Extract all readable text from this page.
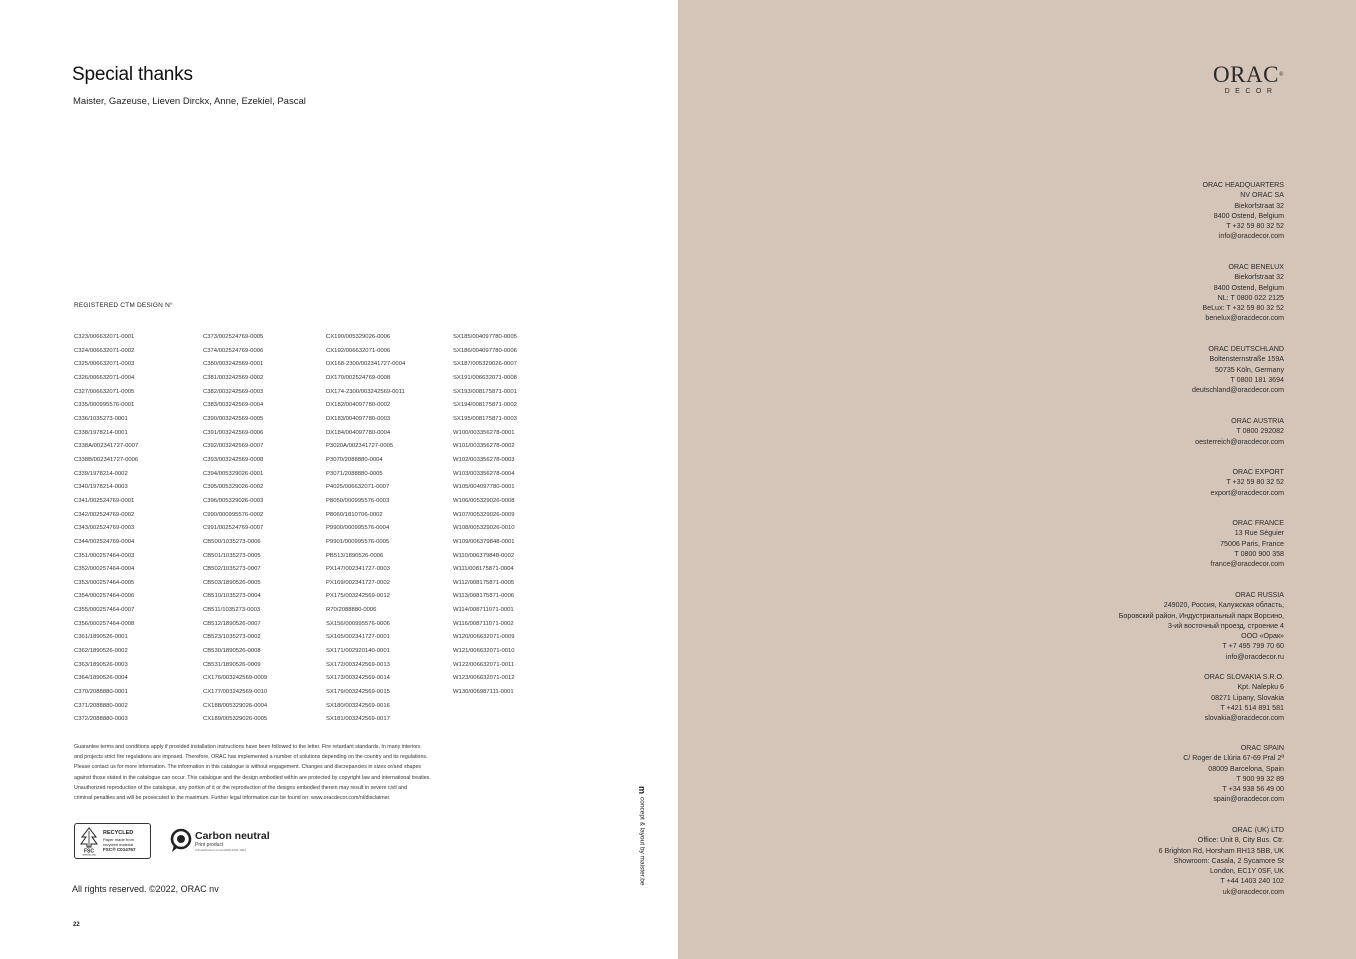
Special thanks
Maister, Gazeuse, Lieven Dirckx, Anne, Ezekiel, Pascal
REGISTERED CTM DESIGN N°
C323/006632071-0001
C324/006632071-0002
C325/006632071-0003
C326/006632071-0004
C327/006632071-0005
C335/000995576-0001
C336/1035273-0001
C338/1978214-0001
C338A/002341727-0007
C338B/002341727-0006
C339/1978214-0002
C340/1978214-0003
C341/002524769-0001
C342/002524769-0002
C343/002524769-0003
C344/002524769-0004
C351/000257464-0003
C352/000257464-0004
C353/000257464-0005
C354/000257464-0006
C355/000257464-0007
C356/000257464-0008
C361/1890526-0001
C362/1890526-0002
C363/1890526-0003
C364/1890526-0004
C370/2088880-0001
C371/2088880-0002
C372/2088880-0003
C373/002524769-0005
C374/002524769-0006
C380/003242569-0001
C381/003242569-0002
C382/003242569-0003
C383/003242569-0004
C390/003242569-0005
C391/003242569-0006
C392/003242569-0007
C393/003242569-0008
C394/005329026-0001
C395/005329026-0002
C396/005329026-0003
C990/000995576-0002
C991/002524769-0007
CB500/1035273-0006
CB501/1035273-0005
CB502/1035273-0007
CB503/1890526-0005
CB510/1035273-0004
CB511/1035273-0003
CB512/1890526-0007
CB523/1035273-0002
CB530/1890526-0008
CB531/1890526-0009
CX176/003242569-0009
CX177/003242569-0010
CX188/005329026-0004
CX189/005329026-0005
CX190/005329026-0006
CX192/006632071-0006
DX168-2300/002341727-0004
DX170/002524769-0008
DX174-2300/003242569-0011
DX182/004097780-0002
DX183/004097780-0003
DX184/004097780-0004
P3020A/002341727-0005
P3070/2088880-0004
P3071/2088880-0005
P4025/006632071-0007
P8050/000995576-0003
P8060/1810706-0002
P9900/000995576-0004
P9901/000995576-0005
PB513/1890526-0006
PX147/002341727-0003
PX169/002341727-0002
PX175/003242569-0012
R70/2088880-0006
SX156/000995576-0006
SX165/002341727-0001
SX171/002920140-0001
SX172/003242569-0013
SX173/003242569-0014
SX179/003242569-0015
SX180/003242569-0016
SX181/003242569-0017
SX185/004097780-0005
SX186/004097780-0006
SX187/005329026-0007
SX191/006632071-0008
SX193/008175871-0001
SX194/008175871-0002
SX195/008175871-0003
W100/003356278-0001
W101/003356278-0002
W102/003356278-0003
W103/003356278-0004
W105/004097780-0001
W106/005329026-0008
W107/005329026-0009
W108/005329026-0010
W109/006379848-0001
W110/006379848-0002
W111/008175871-0004
W112/008175871-0005
W113/008175871-0006
W114/008711071-0001
W116/008711071-0002
W120/006632071-0009
W121/006632071-0010
W122/006632071-0011
W123/006632071-0012
W130/006987111-0001
Guarantee terms and conditions apply if provided installation instructions have been followed to the letter. Fire retardant standards. In many interiors
and projects strict fire regulations are imposed. Therefore, ORAC has implemented a number of solutions depending on the country and its regulations.
Please contact us for more information. The information in this catalogue is without engagement. Changes and discrepancies in sizes or/and shapes
against those stated in the catalogue can occur. This catalogue and the design embodied within are protected by copyright law and international treaties.
Unauthorized reproduction of the catalogue, any portion of it or the reproduction of the designs embodied therein may result in severe civil and
criminal penalties and will be prosecuted to the maximum. Further legal information can be found on: www.oracdecor.com/nl/disclaimer.
FSC
www.fsc.org
RECYCLED
Paper made from
recycled material
FSC® C014767
Carbon neutral
Print product
ClimatePartner.com/14458-2203-1001
All rights reserved. ©2022, ORAC nv
22
m
concept & layout by maister.be
ORAC®
DECOR
ORAC HEADQUARTERS
NV ORAC SA
Biekorfstraat 32
8400 Ostend, Belgium
T +32 59 80 32 52
info@oracdecor.com
ORAC BENELUX
Biekorfstraat 32
8400 Ostend, Belgium
NL: T 0800 022 2125
BeLux: T +32 59 80 32 52
benelux@oracdecor.com
ORAC DEUTSCHLAND
Boltensternstraße 159A
50735 Köln, Germany
T 0800 181 3694
deutschland@oracdecor.com
ORAC AUSTRIA
T 0800 292082
oesterreich@oracdecor.com
ORAC EXPORT
T +32 59 80 32 52
export@oracdecor.com
ORAC FRANCE
13 Rue Séguier
75006 Paris, France
T 0800 900 358
france@oracdecor.com
ORAC RUSSIA
249020, Россия, Калужская область,
Боровский район, Индустриальный парк Ворсино,
3-ий восточный проезд, строение 4
ООО «Орак»
T +7 495 799 70 60
info@oracdecor.ru
ORAC SLOVAKIA S.R.O.
Kpt. Nalepku 6
08271 Lipany, Slovakia
T +421 514 891 581
slovakia@oracdecor.com
ORAC SPAIN
C/ Roger de Llúria 67-69 Pral 2ª
08009 Barcelona, Spain
T 900 99 32 89
T +34 938 56 49 00
spain@oracdecor.com
ORAC (UK) LTD
Office: Unit 8, City Bus. Ctr.
6 Brighton Rd, Horsham RH13 5BB, UK
Showroom: Casala, 2 Sycamore St
London, EC1Y 0SF, UK
T +44 1403 240 102
uk@oracdecor.com
